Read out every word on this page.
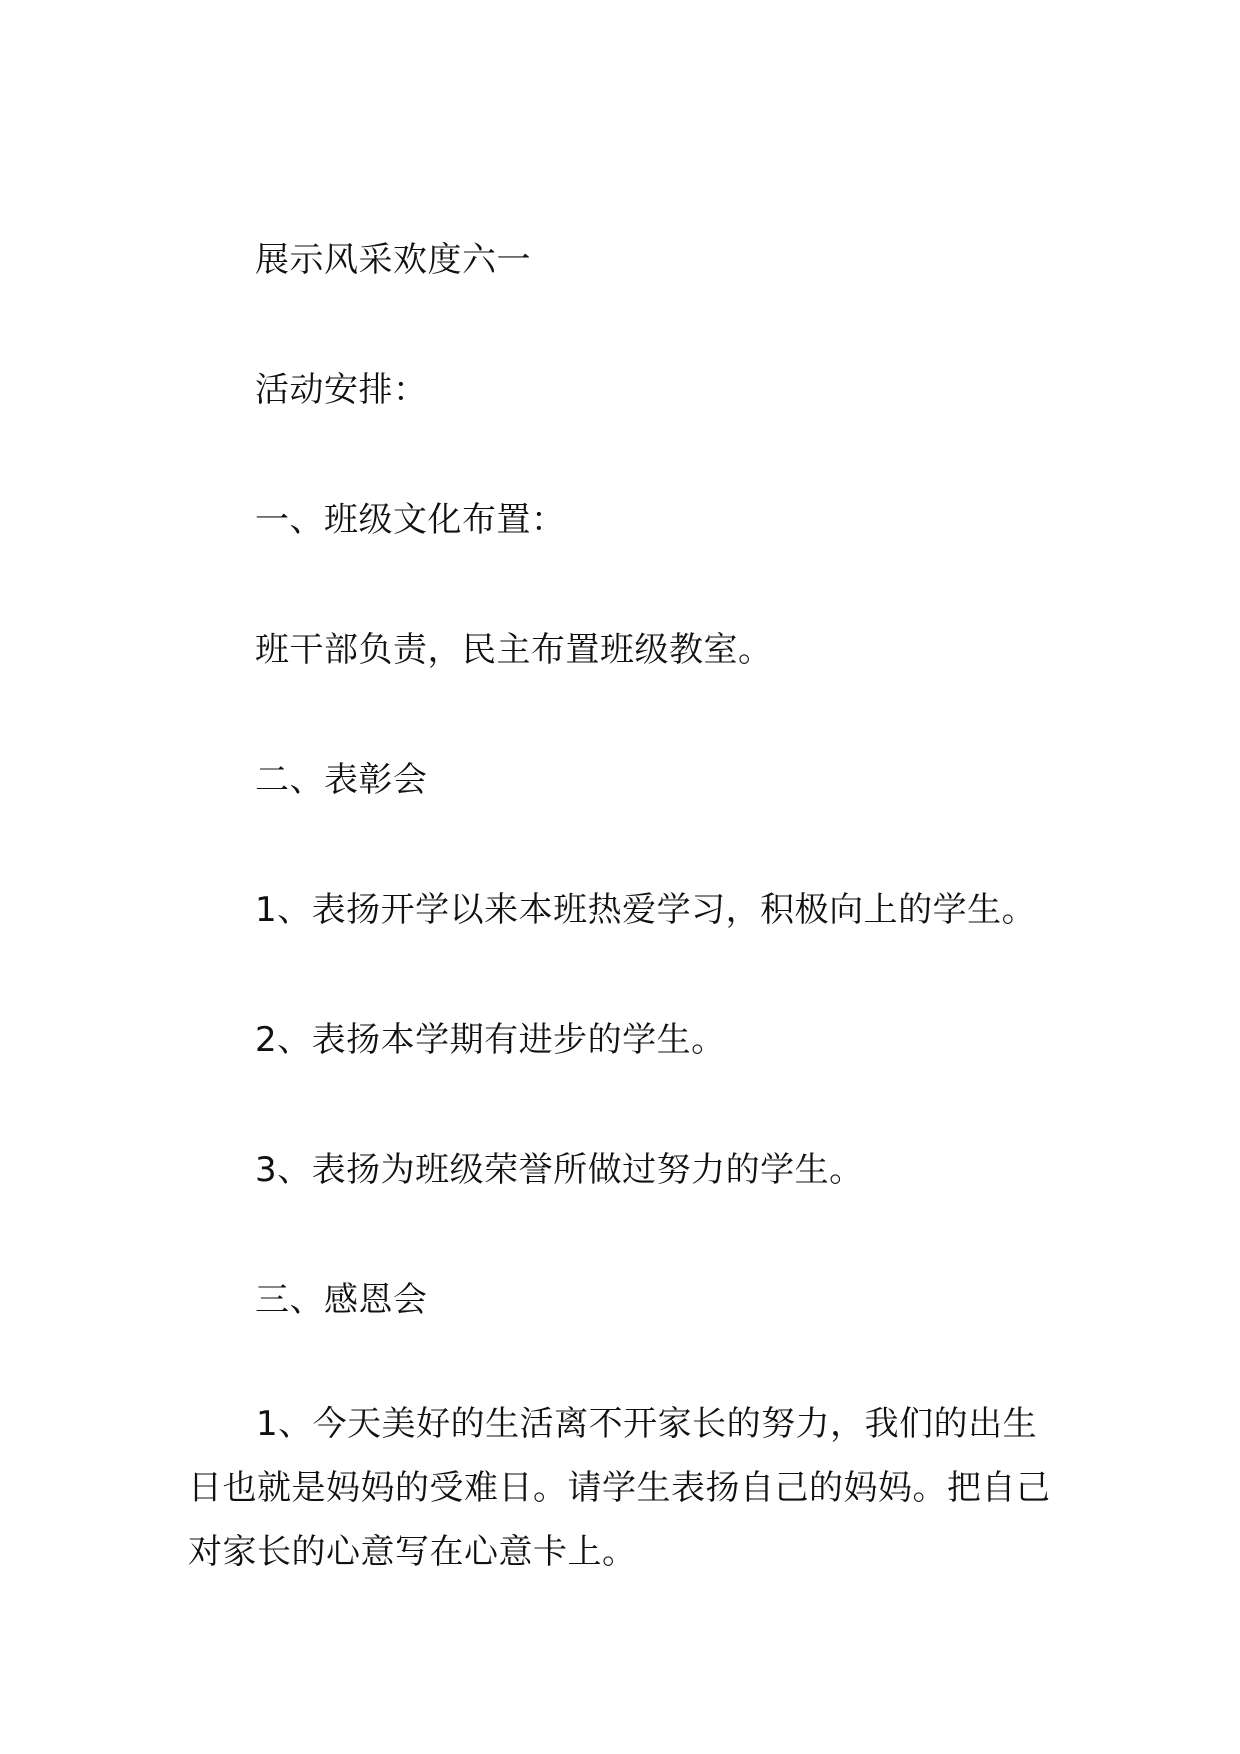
展示风采欢度六一
活动安排：
一、班级文化布置：
班干部负责，民主布置班级教室。
二、表彰会
1、表扬开学以来本班热爱学习，积极向上的学生。
2、表扬本学期有进步的学生。
3、表扬为班级荣誉所做过努力的学生。
三、感恩会
1、今天美好的生活离不开家长的努力，我们的出生日也就是妈妈的受难日。请学生表扬自己的妈妈。把自己对家长的心意写在心意卡上。
